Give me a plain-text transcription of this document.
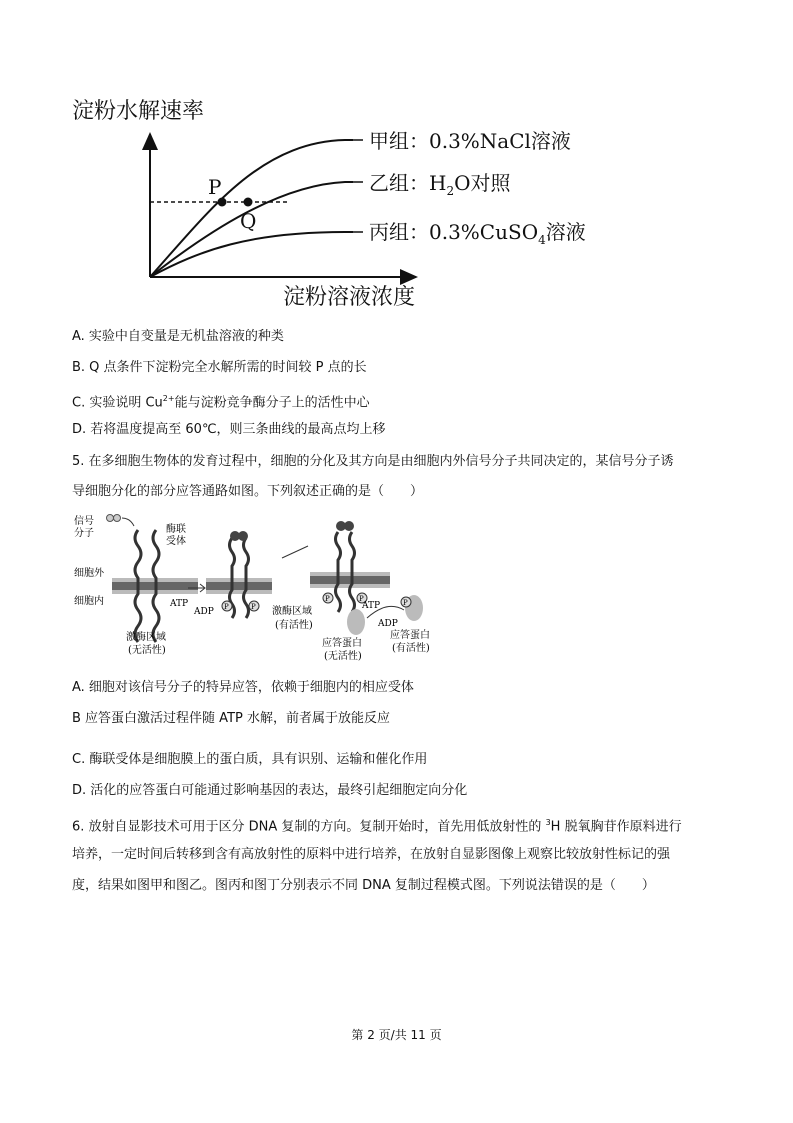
淀粉水解速率
P
Q
甲组：0.3%NaCl溶液
乙组：$H_2O$对照
丙组：0.3%CuSO$_4$溶液
淀粉溶液浓度
A. 实验中自变量是无机盐溶液的种类
B. Q 点条件下淀粉完全水解所需的时间较 P 点的长
C. 实验说明 $Cu^{2+}$能与淀粉竞争酶分子上的活性中心
D. 若将温度提高至 60℃，则三条曲线的最高点均上移
5. 在多细胞生物体的发育过程中，细胞的分化及其方向是由细胞内外信号分子共同决定的，某信号分子诱
导细胞分化的部分应答通路如图。下列叙述正确的是（　　）
P	P
P	P	P
信号
分子	酶联
受体
细胞外
细胞内
激酶区域
(无活性)
ATP
ADP	激酶区域
(有活性)
ATP
ADP
应答蛋白
(无活性)
应答蛋白
(有活性)
A. 细胞对该信号分子的特异应答，依赖于细胞内的相应受体
B 应答蛋白激活过程伴随 ATP 水解，前者属于放能反应
C. 酶联受体是细胞膜上的蛋白质，具有识别、运输和催化作用
D. 活化的应答蛋白可能通过影响基因的表达，最终引起细胞定向分化
6. 放射自显影技术可用于区分 DNA 复制的方向。复制开始时，首先用低放射性的 $^3$H 脱氧胸苷作原料进行
培养，一定时间后转移到含有高放射性的原料中进行培养，在放射自显影图像上观察比较放射性标记的强
度，结果如图甲和图乙。图丙和图丁分别表示不同 DNA 复制过程模式图。下列说法错误的是（　　）
第 2 页/共 11 页
